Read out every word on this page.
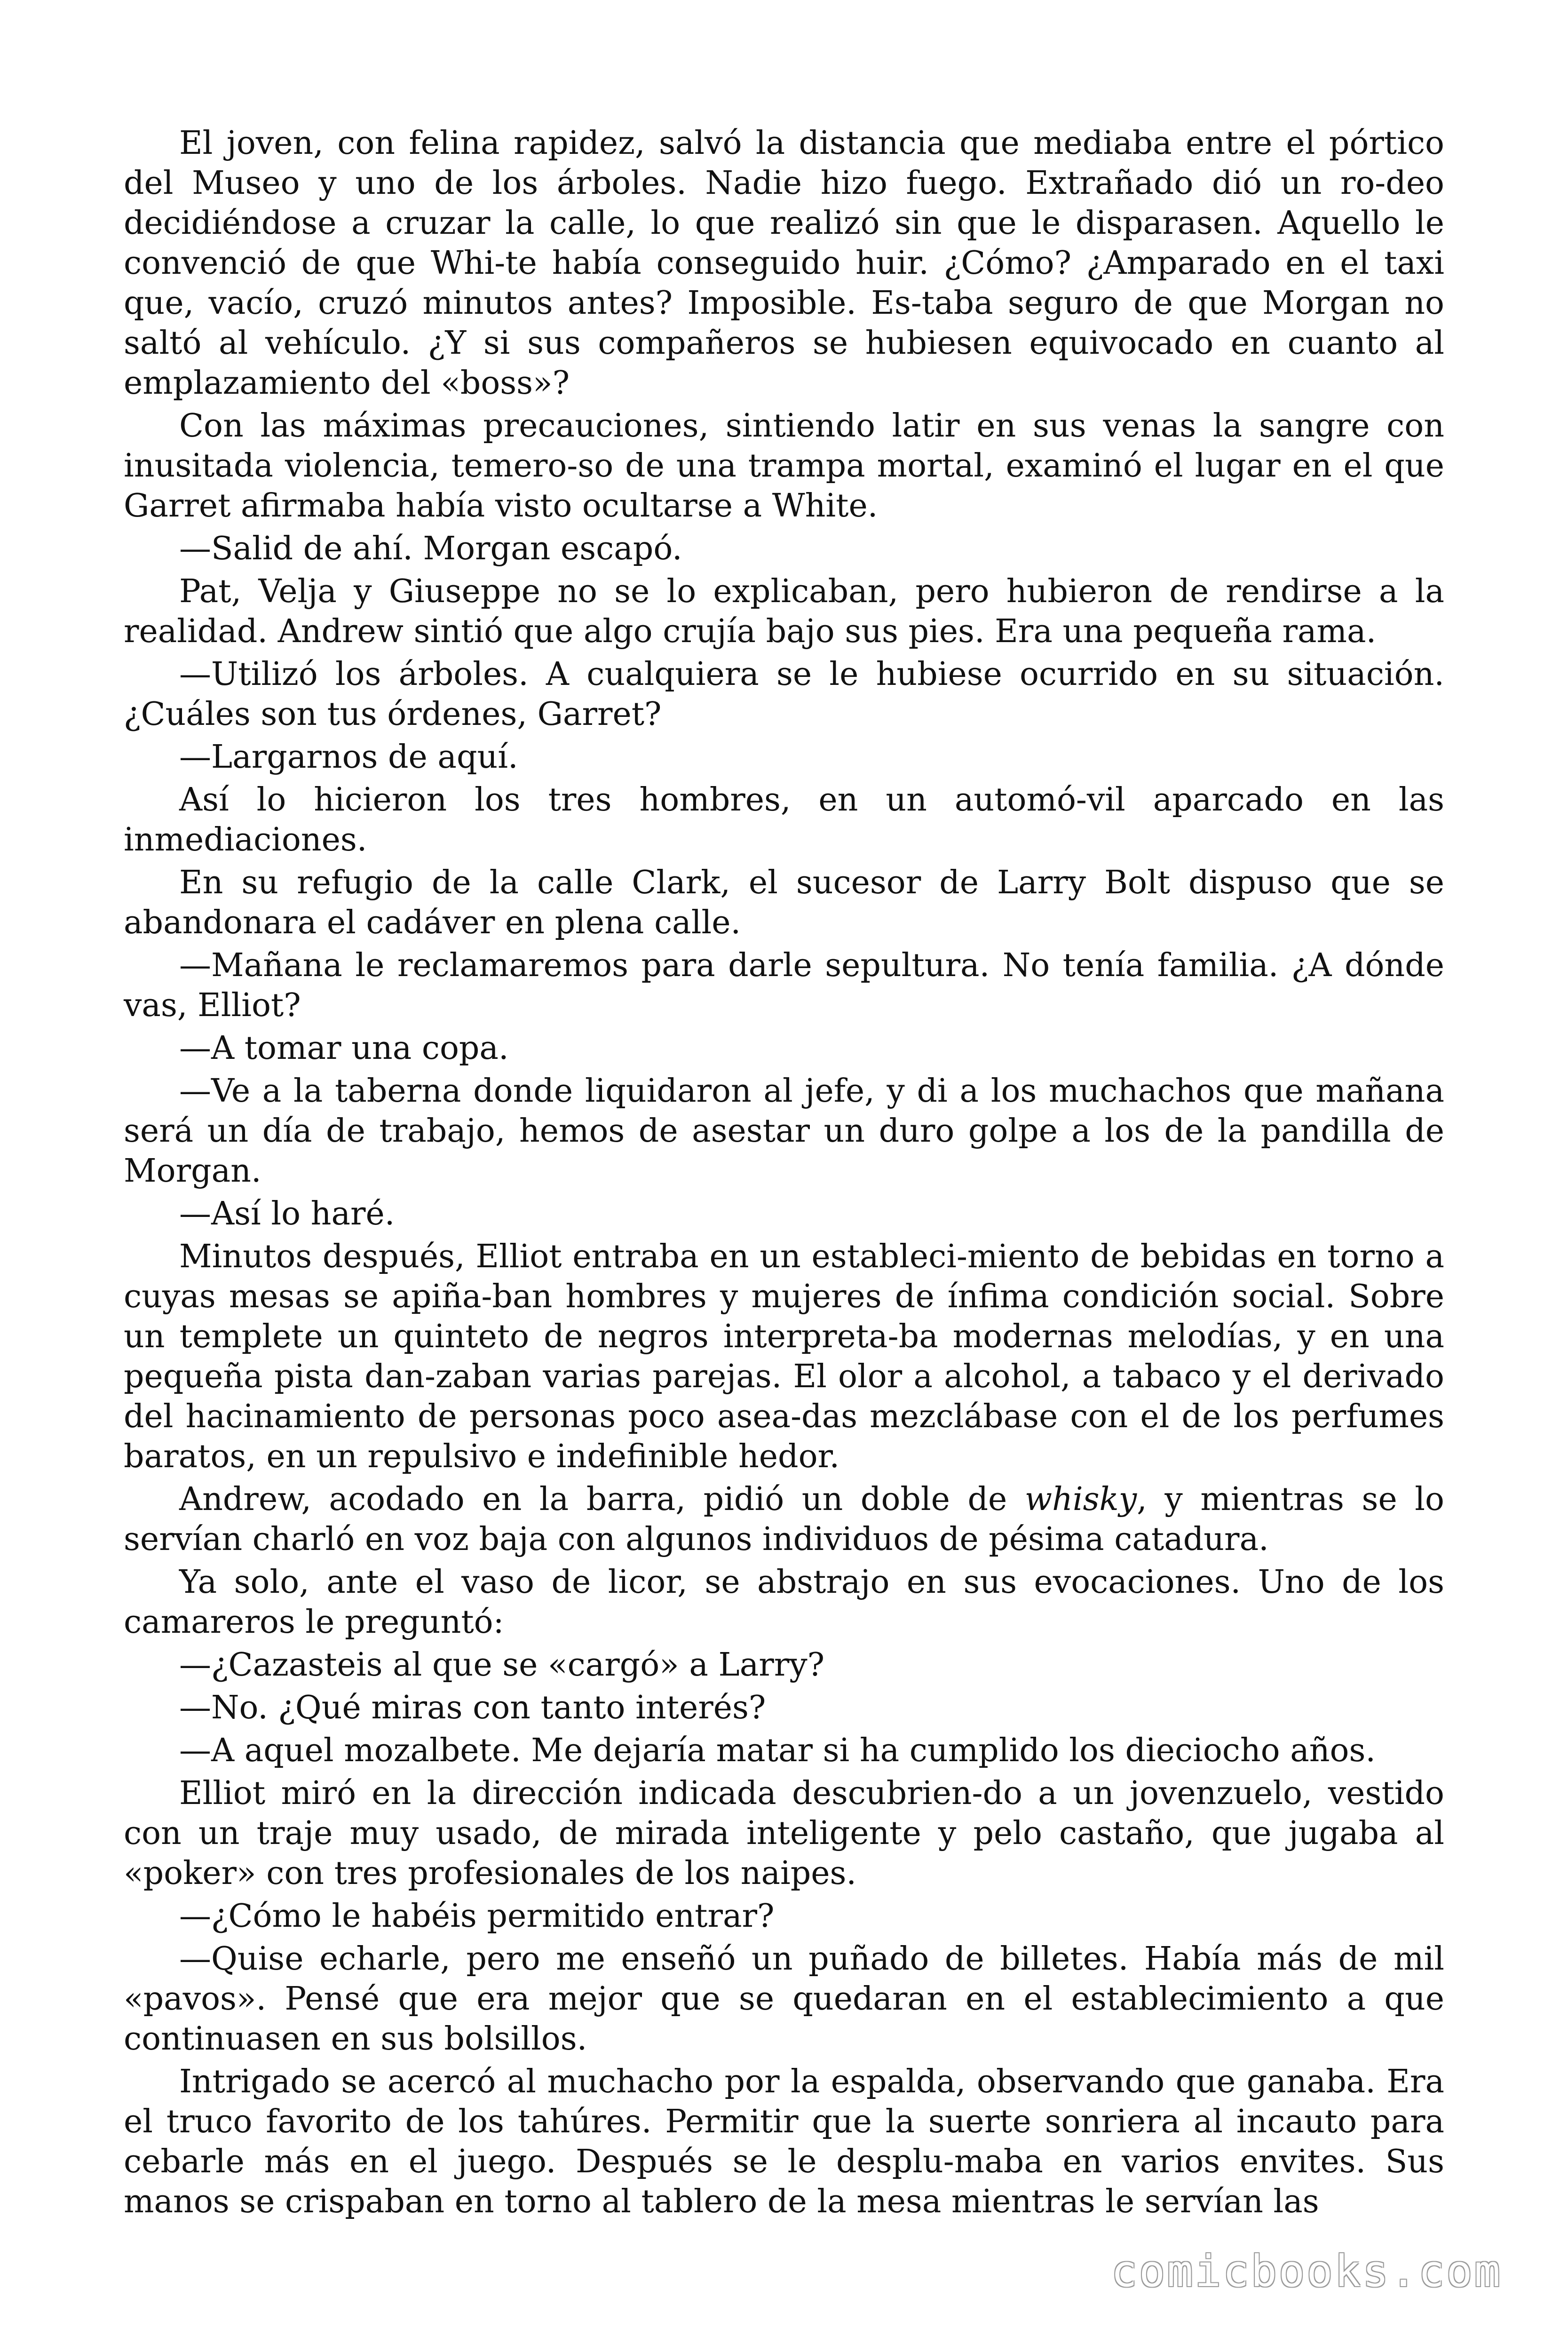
El joven, con felina rapidez, salvó la distancia que mediaba entre el pórtico del Museo y uno de los árboles. Nadie hizo fuego. Extrañado dió un ro-deo decidiéndose a cruzar la calle, lo que realizó sin que le disparasen. Aquello le convenció de que Whi-te había conseguido huir. ¿Cómo? ¿Amparado en el taxi que, vacío, cruzó minutos antes? Imposible. Es-taba seguro de que Morgan no saltó al vehículo. ¿Y si sus compañeros se hubiesen equivocado en cuanto al emplazamiento del «boss»?

Con las máximas precauciones, sintiendo latir en sus venas la sangre con inusitada violencia, temero-so de una trampa mortal, examinó el lugar en el que Garret afirmaba había visto ocultarse a White.

—Salid de ahí. Morgan escapó.

Pat, Velja y Giuseppe no se lo explicaban, pero hubieron de rendirse a la realidad. Andrew sintió que algo crujía bajo sus pies. Era una pequeña rama.

—Utilizó los árboles. A cualquiera se le hubiese ocurrido en su situación. ¿Cuáles son tus órdenes, Garret?

—Largarnos de aquí.

Así lo hicieron los tres hombres, en un automó-vil aparcado en las inmediaciones.

En su refugio de la calle Clark, el sucesor de Larry Bolt dispuso que se abandonara el cadáver en plena calle.

—Mañana le reclamaremos para darle sepultura. No tenía familia. ¿A dónde vas, Elliot?

—A tomar una copa.

—Ve a la taberna donde liquidaron al jefe, y di a los muchachos que mañana será un día de trabajo, hemos de asestar un duro golpe a los de la pandilla de Morgan.

—Así lo haré.

Minutos después, Elliot entraba en un estableci-miento de bebidas en torno a cuyas mesas se apiña-ban hombres y mujeres de ínfima condición social. Sobre un templete un quinteto de negros interpreta-ba modernas melodías, y en una pequeña pista dan-zaban varias parejas. El olor a alcohol, a tabaco y el derivado del hacinamiento de personas poco asea-das mezclábase con el de los perfumes baratos, en un repulsivo e indefinible hedor.

Andrew, acodado en la barra, pidió un doble de whisky, y mientras se lo servían charló en voz baja con algunos individuos de pésima catadura.

Ya solo, ante el vaso de licor, se abstrajo en sus evocaciones. Uno de los camareros le preguntó:

—¿Cazasteis al que se «cargó» a Larry?

—No. ¿Qué miras con tanto interés?

—A aquel mozalbete. Me dejaría matar si ha cumplido los dieciocho años.

Elliot miró en la dirección indicada descubrien-do a un jovenzuelo, vestido con un traje muy usado, de mirada inteligente y pelo castaño, que jugaba al «poker» con tres profesionales de los naipes.

—¿Cómo le habéis permitido entrar?

—Quise echarle, pero me enseñó un puñado de billetes. Había más de mil «pavos». Pensé que era mejor que se quedaran en el establecimiento a que continuasen en sus bolsillos.

Intrigado se acercó al muchacho por la espalda, observando que ganaba. Era el truco favorito de los tahúres. Permitir que la suerte sonriera al incauto para cebarle más en el juego. Después se le desplu-maba en varios envites. Sus manos se crispaban en torno al tablero de la mesa mientras le servían las

comicbooks.com
